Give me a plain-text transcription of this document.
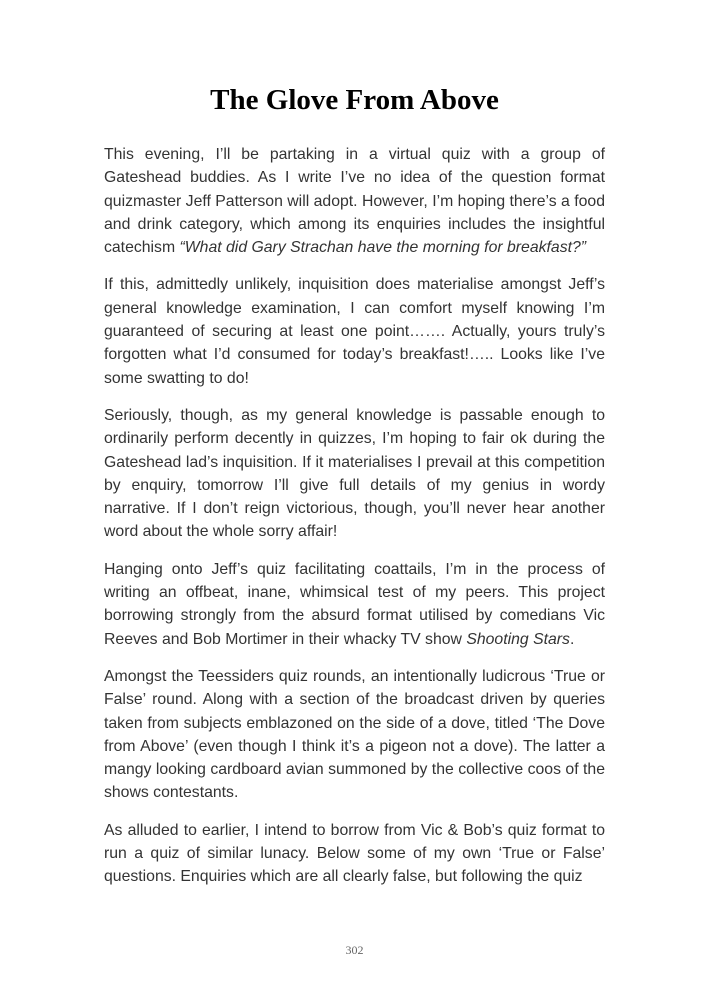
The Glove From Above

This evening, I’ll be partaking in a virtual quiz with a group of Gateshead buddies. As I write I’ve no idea of the question format quizmaster Jeff Patterson will adopt. However, I’m hoping there’s a food and drink category, which among its enquiries includes the insightful catechism “What did Gary Strachan have the morning for breakfast?”

If this, admittedly unlikely, inquisition does materialise amongst Jeff’s general knowledge examination, I can comfort myself knowing I’m guaranteed of securing at least one point……. Actually, yours truly’s forgotten what I’d consumed for today’s breakfast!….. Looks like I’ve some swatting to do!

Seriously, though, as my general knowledge is passable enough to ordinarily perform decently in quizzes, I’m hoping to fair ok during the Gateshead lad’s inquisition. If it materialises I prevail at this competition by enquiry, tomorrow I’ll give full details of my genius in wordy narrative. If I don’t reign victorious, though, you’ll never hear another word about the whole sorry affair!

Hanging onto Jeff’s quiz facilitating coattails, I’m in the process of writing an offbeat, inane, whimsical test of my peers. This project borrowing strongly from the absurd format utilised by comedians Vic Reeves and Bob Mortimer in their whacky TV show Shooting Stars.

Amongst the Teessiders quiz rounds, an intentionally ludicrous ‘True or False’ round. Along with a section of the broadcast driven by queries taken from subjects emblazoned on the side of a dove, titled ‘The Dove from Above’ (even though I think it’s a pigeon not a dove). The latter a mangy looking cardboard avian summoned by the collective coos of the shows contestants.

As alluded to earlier, I intend to borrow from Vic & Bob’s quiz format to run a quiz of similar lunacy. Below some of my own ‘True or False’ questions. Enquiries which are all clearly false, but following the quiz

302
